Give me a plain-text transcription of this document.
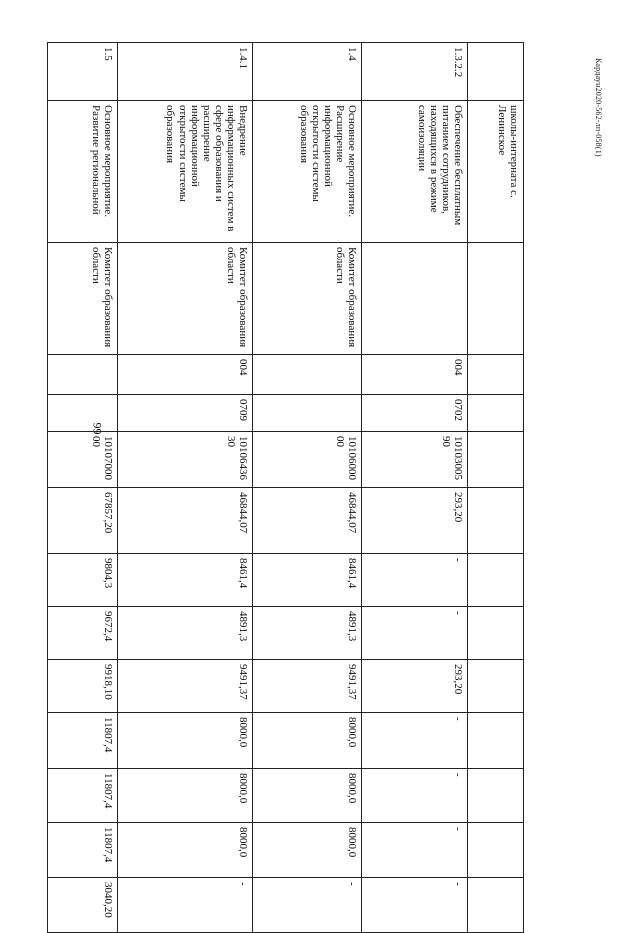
99
Кардаун2020-562-лп-058(1)
	школы-интерната с. Ленинское												
1.3.2.2	Обеспечение бесплатным питанием сотрудников, находящихся в режиме самоизоляции		004	0702	1010300590	293,20	-	-	293,20	-	-	-	-
1.4	Основное мероприятие. Расширение информационной открытости системы образования	Комитет образования области			1010600000	46844,07	8461,4	4891,3	9491,37	8000,0	8000,0	8000,0	-
1.4.1	Внедрение информационных систем в сфере образования и расширение информационной открытости системы образования	Комитет образования области	004	0709	1010643630	46844,07	8461,4	4891,3	9491,37	8000,0	8000,0	8000,0	-
1.5	Основное мероприятие. Развитие региональной	Комитет образования области			1010700000	67857,20	9804,3	9672,4	9918,10	11807,4	11807,4	11807,4	3040,20
